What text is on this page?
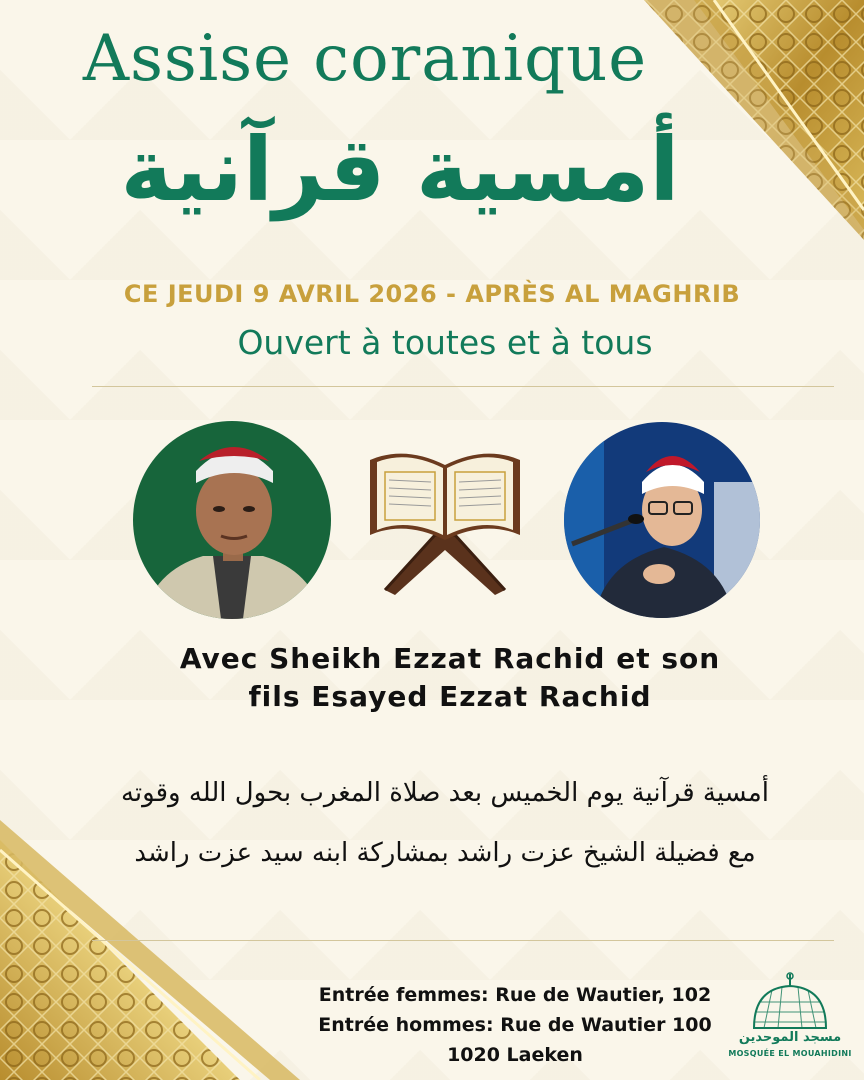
Assise coranique
أمسية قرآنية
CE JEUDI 9 AVRIL 2026 - APRÈS AL MAGHRIB
Ouvert à toutes et à tous
Avec Sheikh Ezzat Rachid et son
fils Esayed Ezzat Rachid
أمسية قرآنية يوم الخميس بعد صلاة المغرب بحول الله وقوته
مع فضيلة الشيخ عزت راشد بمشاركة ابنه سيد عزت راشد
Entrée femmes: Rue de Wautier, 102
Entrée hommes: Rue de Wautier 100
1020 Laeken
مسجد الموحدين
MOSQUÉE EL MOUAHIDINI
